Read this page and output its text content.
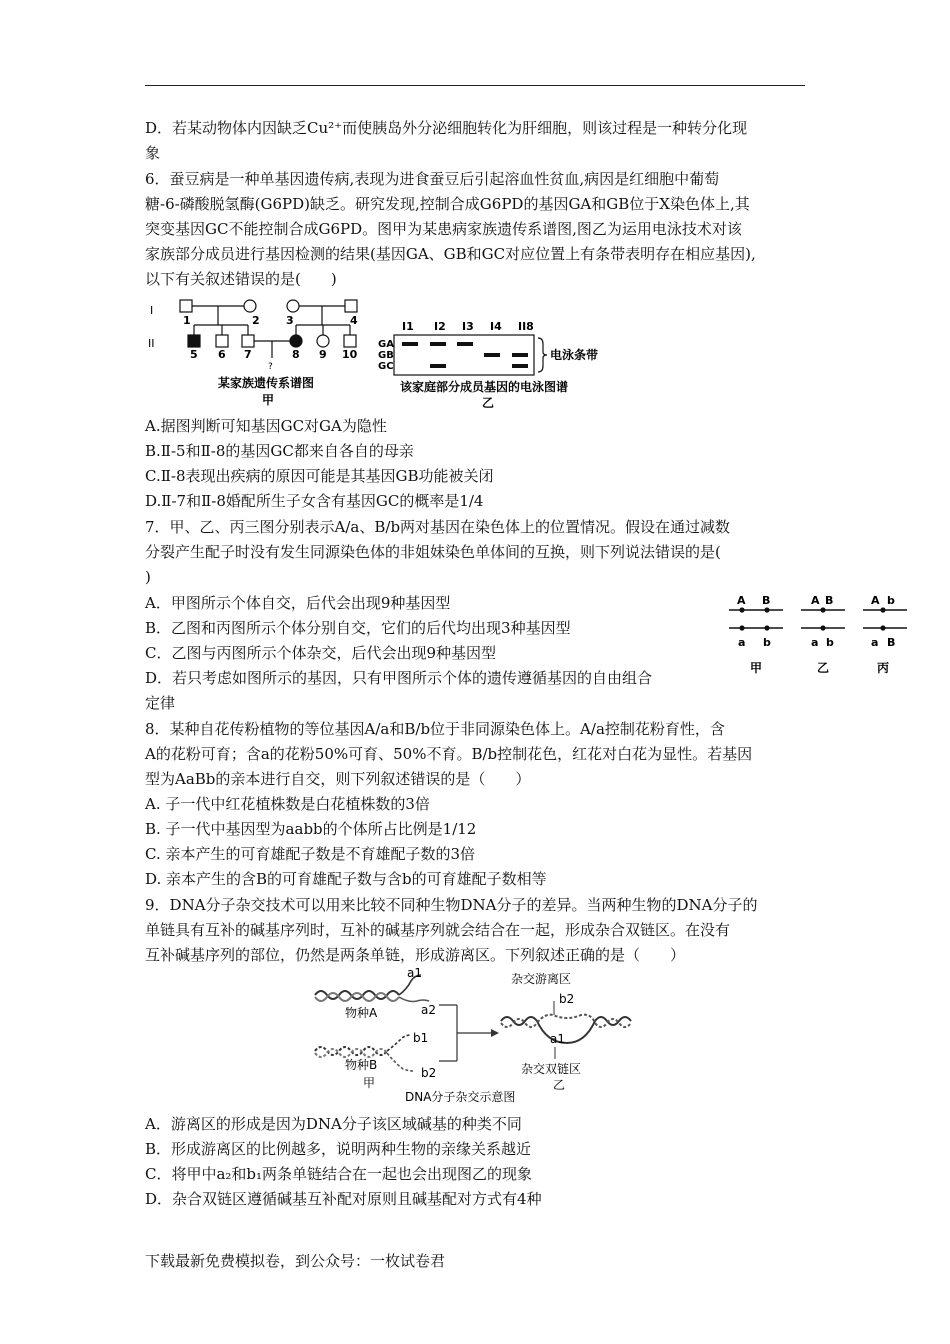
D．若某动物体内因缺乏Cu²⁺而使胰岛外分泌细胞转化为肝细胞，则该过程是一种转分化现
象
6．蚕豆病是一种单基因遗传病,表现为进食蚕豆后引起溶血性贫血,病因是红细胞中葡萄
糖-6-磷酸脱氢酶(G6PD)缺乏。研究发现,控制合成G6PD的基因GA和GB位于X染色体上,其
突变基因GC不能控制合成G6PD。图甲为某患病家族遗传系谱图,图乙为运用电泳技术对该
家族部分成员进行基因检测的结果(基因GA、GB和GC对应位置上有条带表明存在相应基因),
以下有关叙述错误的是(　　)
I
II
1	2 3	4
?
5 6 7	8 9 10
某家族遗传系谱图
甲
I1 I2 I3 I4 II8
GA
GB
GC
电泳条带
该家庭部分成员基因的电泳图谱
乙
A.据图判断可知基因GC对GA为隐性
B.Ⅱ-5和Ⅱ-8的基因GC都来自各自的母亲
C.Ⅱ-8表现出疾病的原因可能是其基因GB功能被关闭
D.Ⅱ-7和Ⅱ-8婚配所生子女含有基因GC的概率是1/4
7．甲、乙、丙三图分别表示A/a、B/b两对基因在染色体上的位置情况。假设在通过减数
分裂产生配子时没有发生同源染色体的非姐妹染色单体间的互换，则下列说法错误的是(
)
A．甲图所示个体自交，后代会出现9种基因型
B．乙图和丙图所示个体分别自交，它们的后代均出现3种基因型
C．乙图与丙图所示个体杂交，后代会出现9种基因型
D．若只考虑如图所示的基因，只有甲图所示个体的遗传遵循基因的自由组合
定律
A B
a b
甲
A B
a b
乙
A b
a B
丙
8．某种自花传粉植物的等位基因A/a和B/b位于非同源染色体上。A/a控制花粉育性，含
A的花粉可育；含a的花粉50%可育、50%不育。B/b控制花色，红花对白花为显性。若基因
型为AaBb的亲本进行自交，则下列叙述错误的是（　　）
A. 子一代中红花植株数是白花植株数的3倍
B. 子一代中基因型为aabb的个体所占比例是1/12
C. 亲本产生的可育雄配子数是不育雄配子数的3倍
D. 亲本产生的含B的可育雄配子数与含b的可育雄配子数相等
9．DNA分子杂交技术可以用来比较不同种生物DNA分子的差异。当两种生物的DNA分子的
单链具有互补的碱基序列时，互补的碱基序列就会结合在一起，形成杂合双链区。在没有
互补碱基序列的部位，仍然是两条单链，形成游离区。下列叙述正确的是（　　）
a1
a2
物种A
b1
b2
物种B
甲
杂交游离区
b2
a1
杂交双链区
乙
DNA分子杂交示意图
A．游离区的形成是因为DNA分子该区域碱基的种类不同
B．形成游离区的比例越多，说明两种生物的亲缘关系越近
C．将甲中a₂和b₁两条单链结合在一起也会出现图乙的现象
D．杂合双链区遵循碱基互补配对原则且碱基配对方式有4种
下载最新免费模拟卷，到公众号：一枚试卷君
